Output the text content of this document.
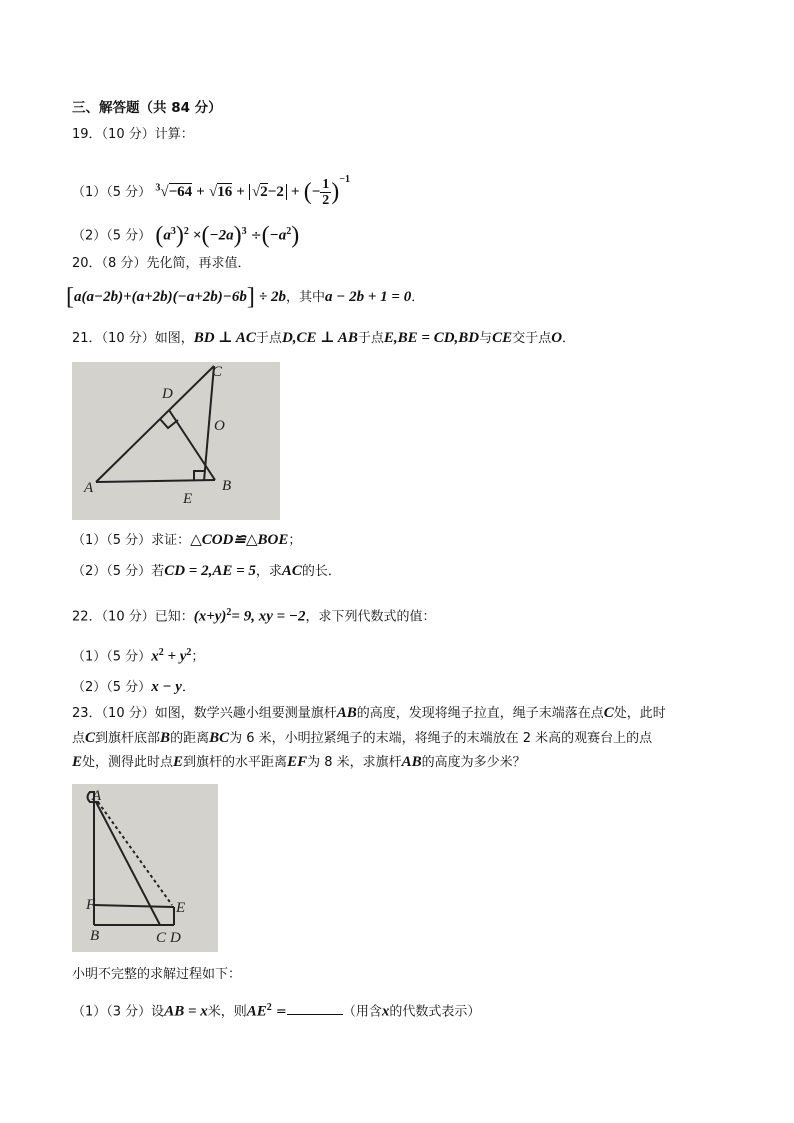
三、解答题（共 84 分）
19．（10 分）计算：
（1）（5 分） $^3$√−64 + √16 + √2−2 + (− $\frac{1}{2} )^{-1}$
（2）（5 分） $(a^3)^2 \times(-2a)^3 \div(-a^2)$
20．（8 分）先化简，再求值．
[a(a−2b)+(a+2b)(−a+2b)−6b] ÷ 2b，其中a − 2b + 1 = 0．
21．（10 分）如图，BD ⊥ AC于点D,CE ⊥ AB于点E,BE = CD,BD与CE交于点O．
C
D
O
A	B
E
（1）（5 分）求证：△COD≌△BOE；
（2）（5 分）若CD = 2,AE = 5，求AC的长．
22．（10 分）已知：$(x+y)^2= 9$, xy = −2，求下列代数式的值：
（1）（5 分）$x^2 + y^2$；
（2）（5 分）x − y．
23．（10 分）如图，数学兴趣小组要测量旗杆AB的高度，发现将绳子拉直，绳子末端落在点C处，此时
点C到旗杆底部B的距离BC为 6 米，小明拉紧绳子的末端，将绳子的末端放在 2 米高的观赛台上的点
E处，测得此时点E到旗杆的水平距离EF为 8 米，求旗杆AB的高度为多少米？
A
F	E
B	C D
小明不完整的求解过程如下：
（1）（3 分）设AB = x米，则$AE^2$ =	（用含x的代数式表示）
